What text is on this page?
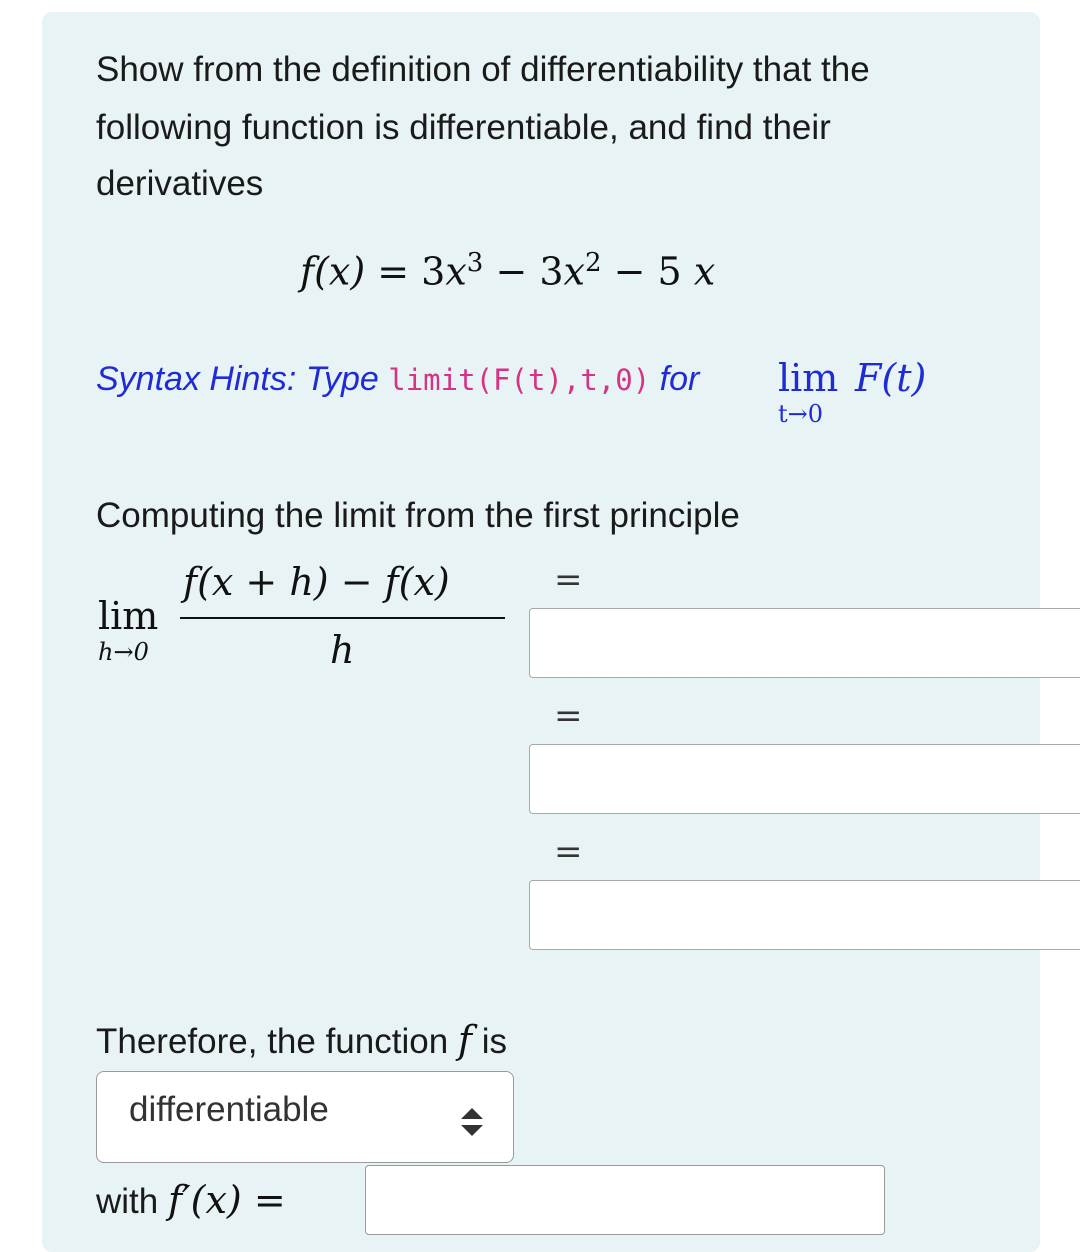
Show from the definition of differentiability that the
following function is differentiable, and find their
derivatives
$f(x) = 3x^3 - 3x^2 - 5$ x
Syntax Hints: Type limit(F(t),t,0) for lim F(t)
t→0
Computing the limit from the first principle
lim
h→0
f(x + h) − f(x)
h
=
=
=
Therefore, the function f is
differentiable
with f′(x) =
